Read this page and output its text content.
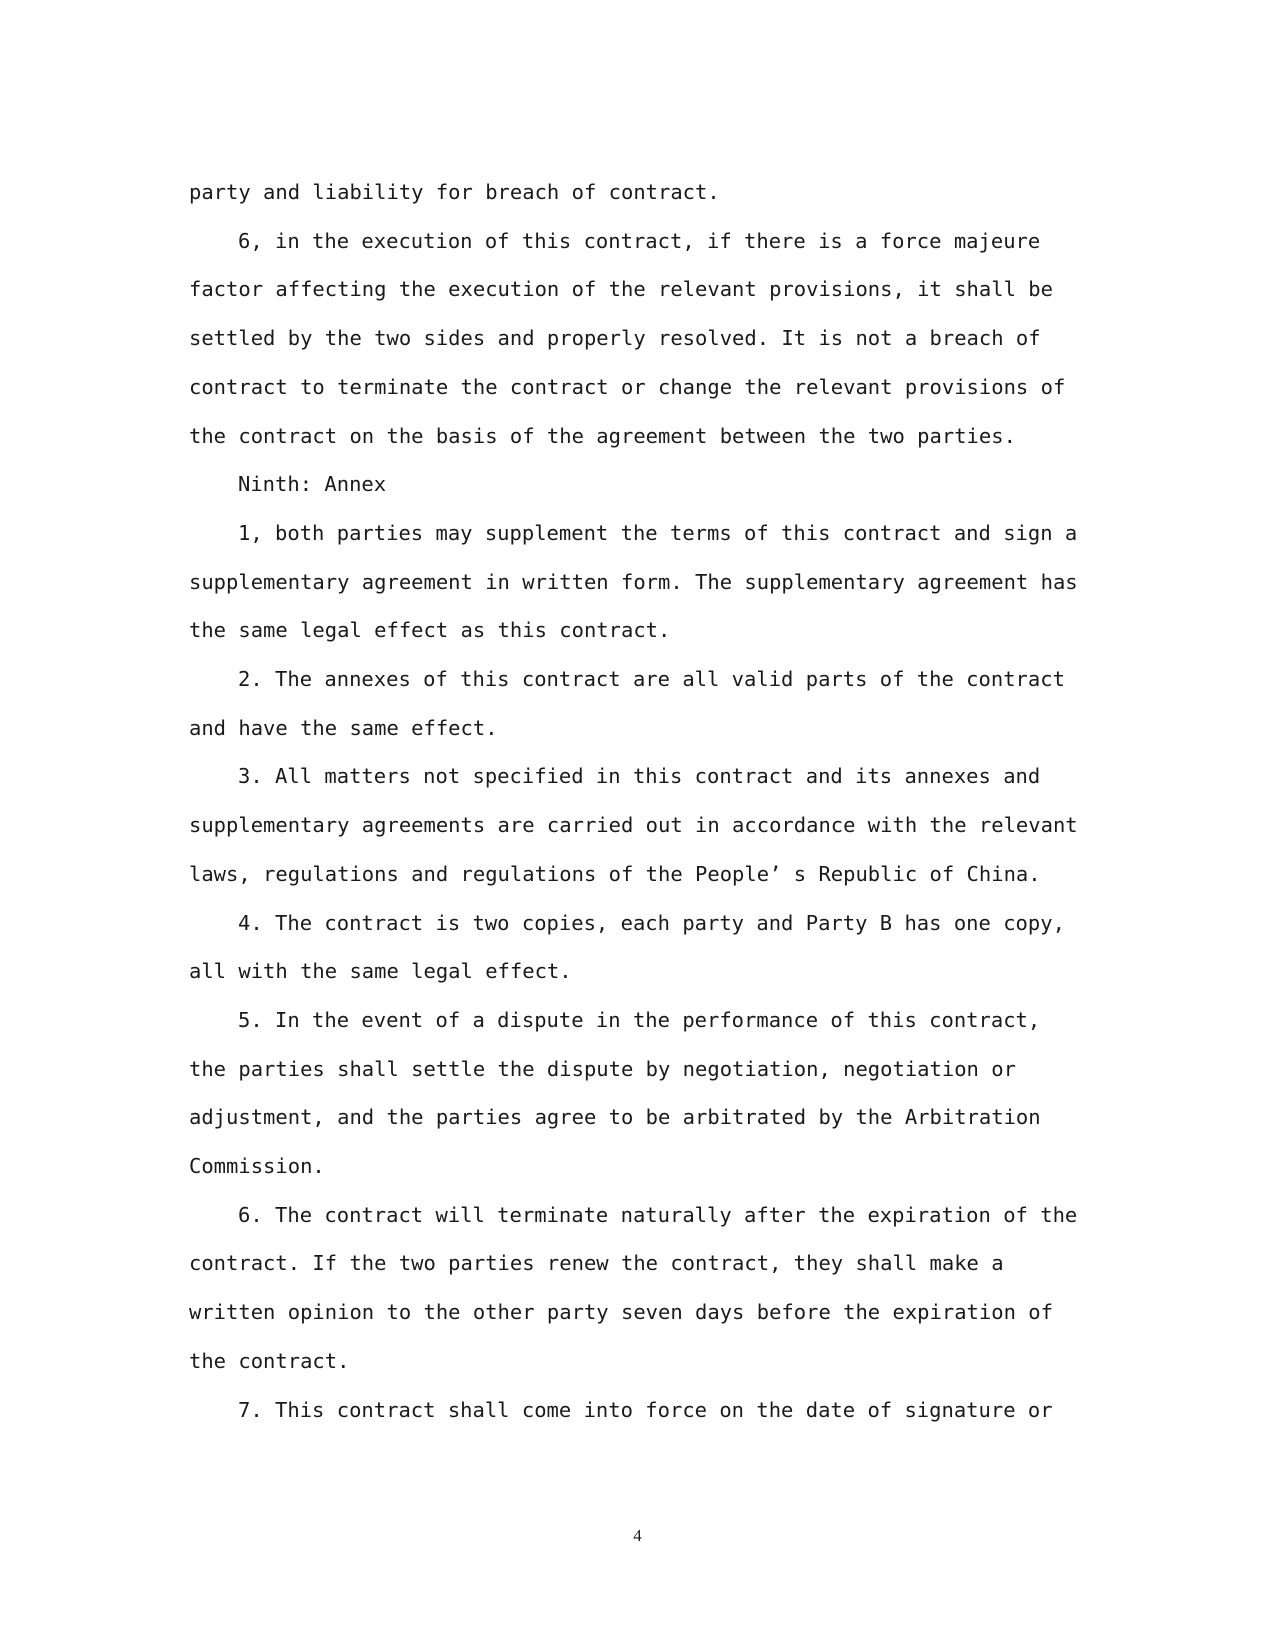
party and liability for breach of contract.

6, in the execution of this contract, if there is a force majeure factor affecting the execution of the relevant provisions, it shall be settled by the two sides and properly resolved. It is not a breach of contract to terminate the contract or change the relevant provisions of the contract on the basis of the agreement between the two parties.

Ninth: Annex

1, both parties may supplement the terms of this contract and sign a supplementary agreement in written form. The supplementary agreement has the same legal effect as this contract.

2. The annexes of this contract are all valid parts of the contract and have the same effect.

3. All matters not specified in this contract and its annexes and supplementary agreements are carried out in accordance with the relevant laws, regulations and regulations of the People’ s Republic of China.

4. The contract is two copies, each party and Party B has one copy, all with the same legal effect.

5. In the event of a dispute in the performance of this contract, the parties shall settle the dispute by negotiation, negotiation or adjustment, and the parties agree to be arbitrated by the Arbitration Commission.

6. The contract will terminate naturally after the expiration of the contract. If the two parties renew the contract, they shall make a written opinion to the other party seven days before the expiration of the contract.

7. This contract shall come into force on the date of signature or

4
